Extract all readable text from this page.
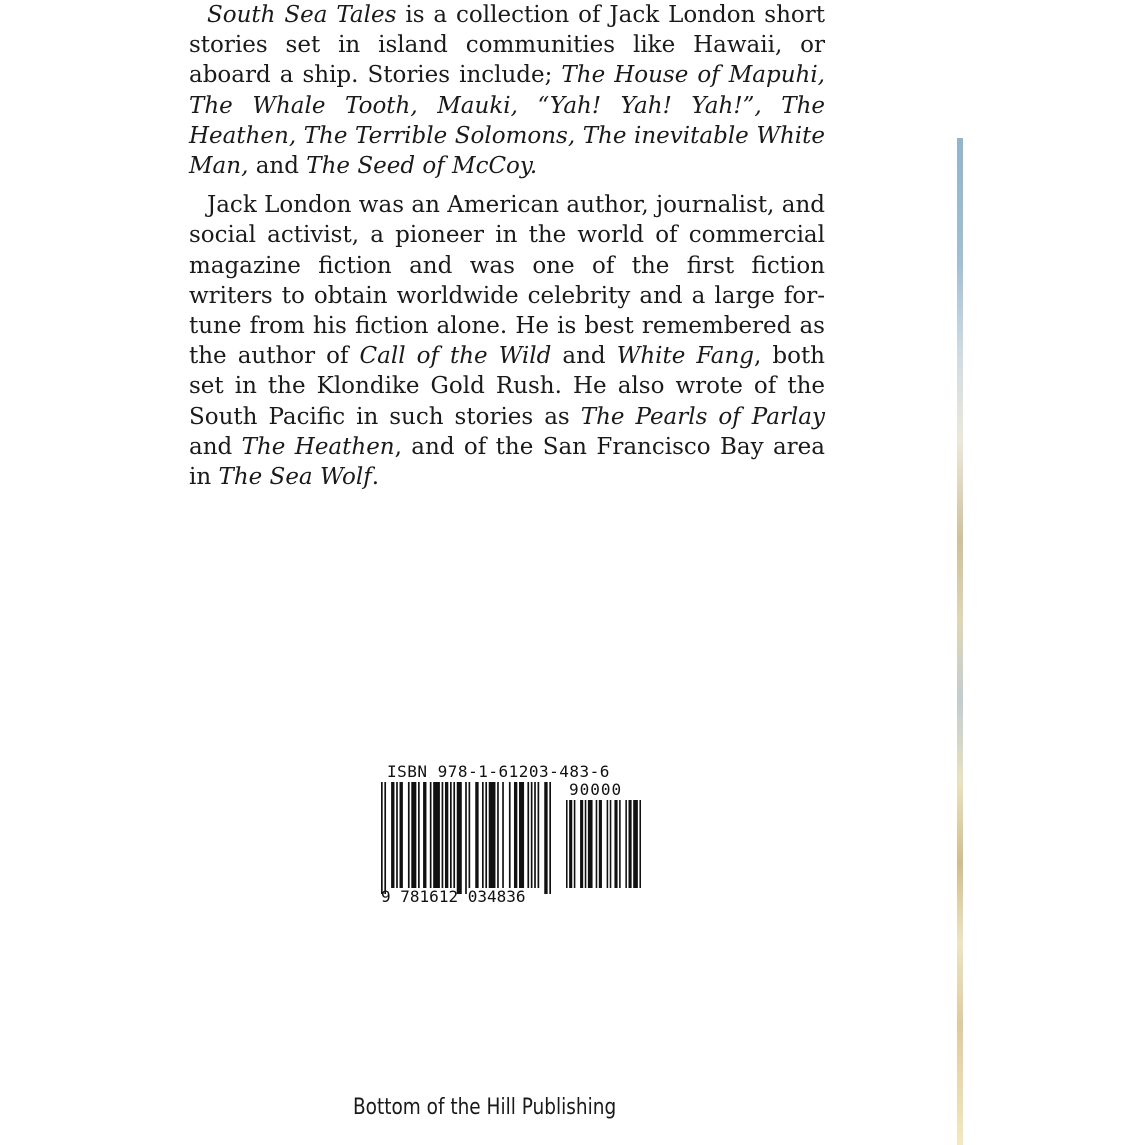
South Sea Tales is a collection of Jack London short stories set in island communities like Hawaii, or aboard a ship. Stories include; The House of Mapuhi, The Whale Tooth, Mauki, “Yah! Yah! Yah!”, The Heathen, The Terrible Solomons, The inevitable White Man, and The Seed of McCoy.

Jack London was an American author, journalist, and social activist, a pioneer in the world of commercial magazine fiction and was one of the first fiction writers to obtain worldwide celebrity and a large fortune from his fiction alone. He is best remembered as the author of Call of the Wild and White Fang, both set in the Klondike Gold Rush. He also wrote of the South Pacific in such stories as The Pearls of Parlay and The Heathen, and of the San Francisco Bay area in The Sea Wolf.

ISBN 978-1-61203-483-6
90000
9 781612 034836
Bottom of the Hill Publishing
